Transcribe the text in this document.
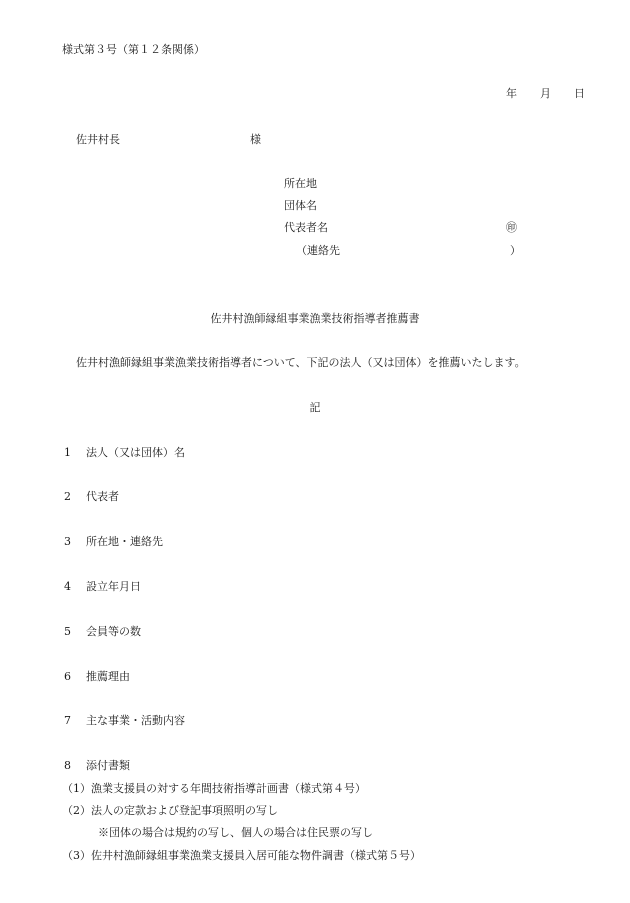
様式第３号（第１２条関係）
年 月 日
佐井村長	様
所在地
団体名
代表者名	㊞
（連絡先	）
佐井村漁師縁組事業漁業技術指導者推薦書
佐井村漁師縁組事業漁業技術指導者について、下記の法人（又は団体）を推薦いたします。
記
1 法人（又は団体）名
2 代表者
3 所在地・連絡先
4 設立年月日
5 会員等の数
6 推薦理由
7 主な事業・活動内容
8 添付書類
（1）漁業支援員の対する年間技術指導計画書（様式第４号）
（2）法人の定款および登記事項照明の写し
※団体の場合は規約の写し、個人の場合は住民票の写し
（3）佐井村漁師縁組事業漁業支援員入居可能な物件調書（様式第５号）
